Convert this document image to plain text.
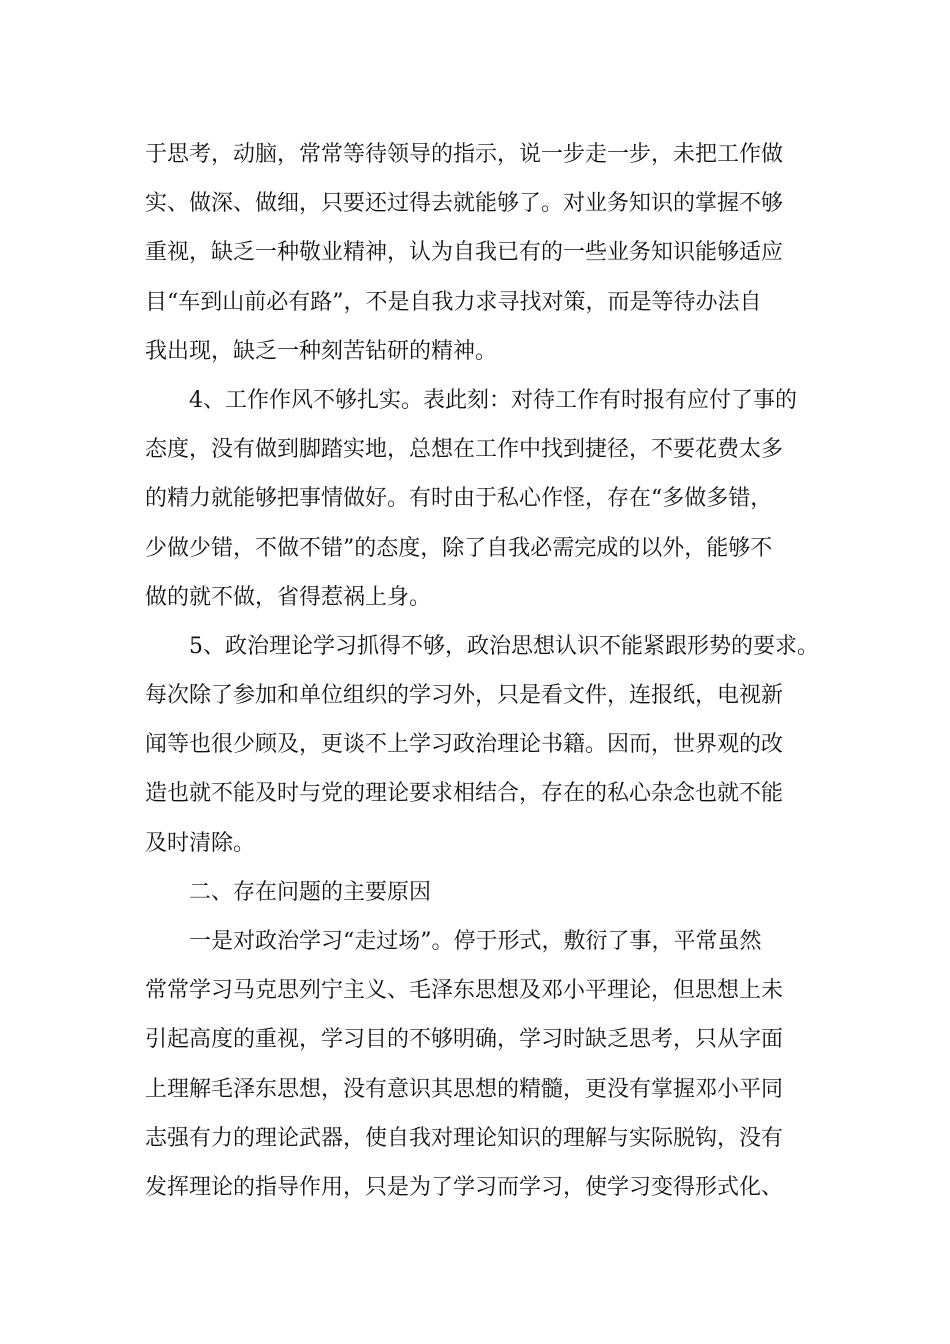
于思考，动脑，常常等待领导的指示，说一步走一步，未把工作做
实、做深、做细，只要还过得去就能够了。对业务知识的掌握不够
重视，缺乏一种敬业精神，认为自我已有的一些业务知识能够适应
目“车到山前必有路”，不是自我力求寻找对策，而是等待办法自
我出现，缺乏一种刻苦钻研的精神。
4、工作作风不够扎实。表此刻：对待工作有时报有应付了事的
态度，没有做到脚踏实地，总想在工作中找到捷径，不要花费太多
的精力就能够把事情做好。有时由于私心作怪，存在“多做多错，
少做少错，不做不错”的态度，除了自我必需完成的以外，能够不
做的就不做，省得惹祸上身。
5、政治理论学习抓得不够，政治思想认识不能紧跟形势的要求。
每次除了参加和单位组织的学习外，只是看文件，连报纸，电视新
闻等也很少顾及，更谈不上学习政治理论书籍。因而，世界观的改
造也就不能及时与党的理论要求相结合，存在的私心杂念也就不能
及时清除。
二、存在问题的主要原因
一是对政治学习“走过场”。停于形式，敷衍了事，平常虽然
常常学习马克思列宁主义、毛泽东思想及邓小平理论，但思想上未
引起高度的重视，学习目的不够明确，学习时缺乏思考，只从字面
上理解毛泽东思想，没有意识其思想的精髓，更没有掌握邓小平同
志强有力的理论武器，使自我对理论知识的理解与实际脱钩，没有
发挥理论的指导作用，只是为了学习而学习，使学习变得形式化、
